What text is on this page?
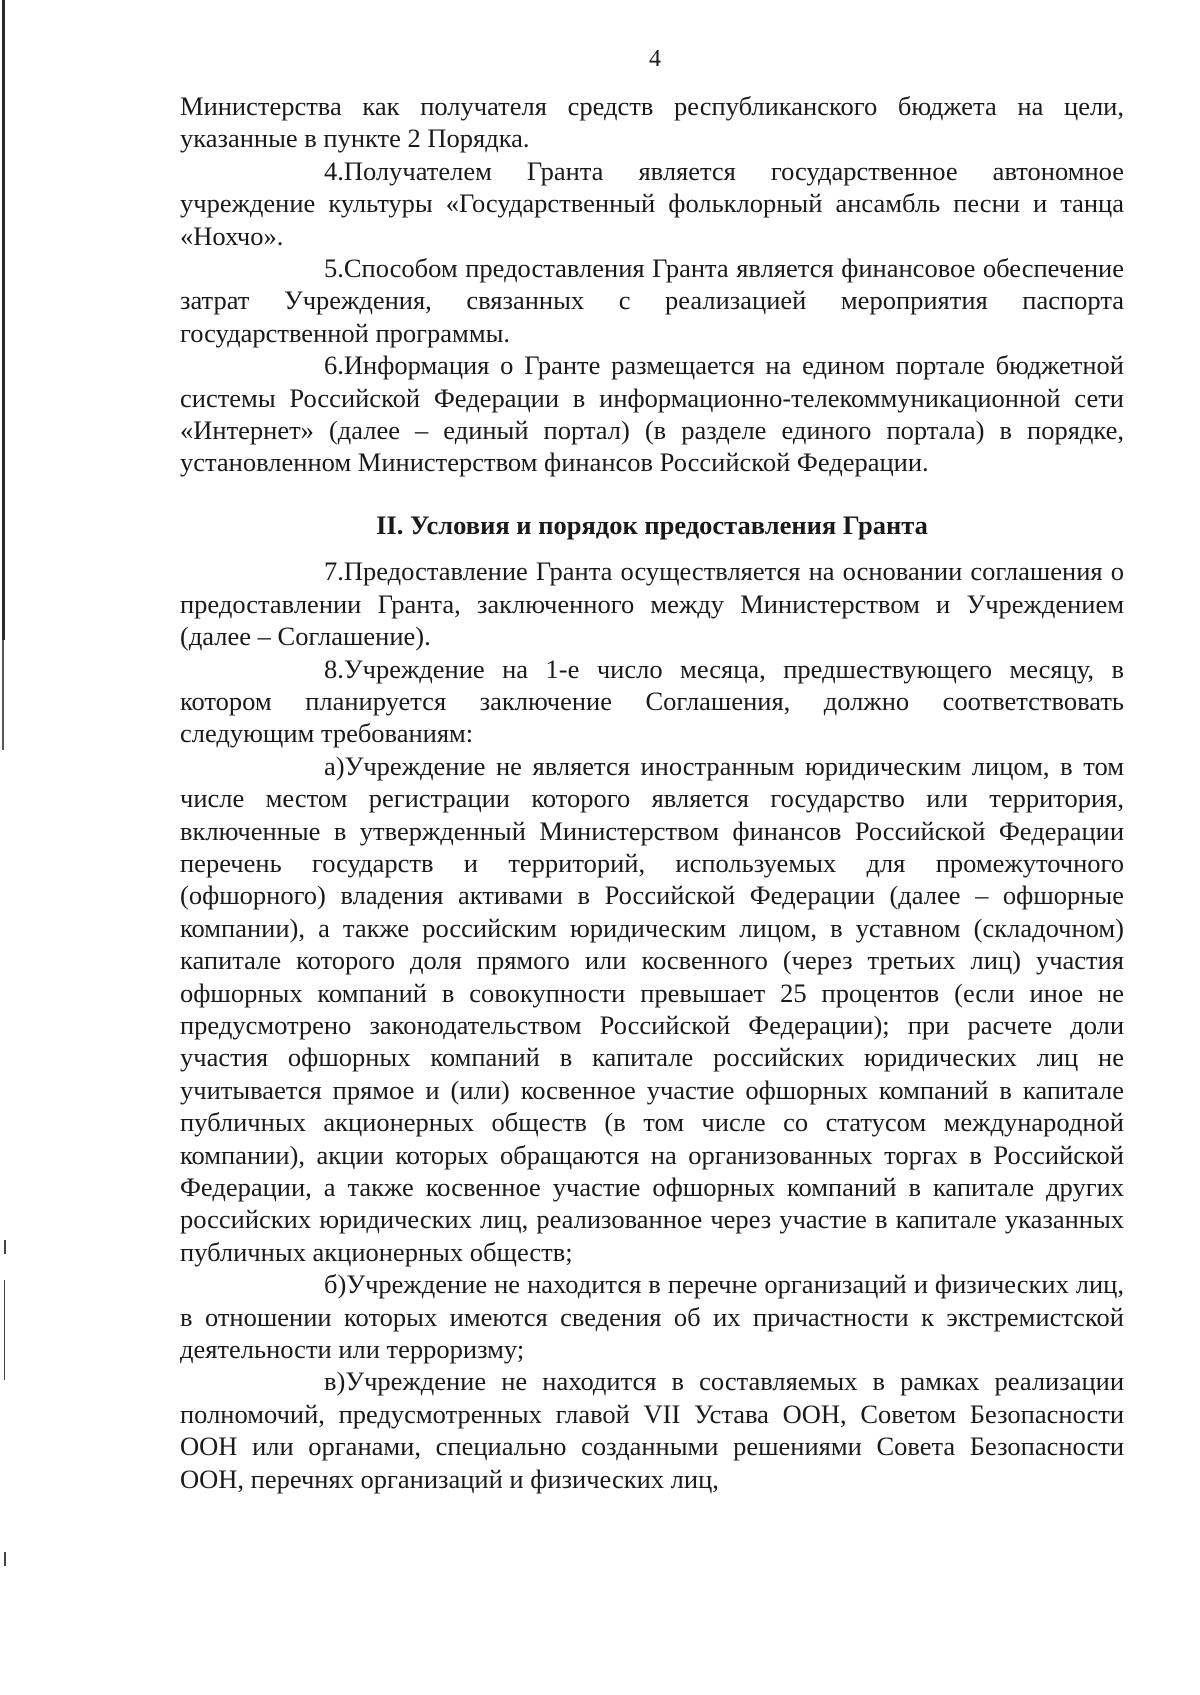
4

Министерства как получателя средств республиканского бюджета на цели, указанные в пункте 2 Порядка.

4.Получателем Гранта является государственное автономное учреждение культуры «Государственный фольклорный ансамбль песни и танца «Нохчо».

5.Способом предоставления Гранта является финансовое обеспечение затрат Учреждения, связанных с реализацией мероприятия паспорта государственной программы.

6.Информация о Гранте размещается на едином портале бюджетной системы Российской Федерации в информационно-телекоммуникационной сети «Интернет» (далее – единый портал) (в разделе единого портала) в порядке, установленном Министерством финансов Российской Федерации.

II. Условия и порядок предоставления Гранта

7.Предоставление Гранта осуществляется на основании соглашения о предоставлении Гранта, заключенного между Министерством и Учреждением (далее – Соглашение).

8.Учреждение на 1-е число месяца, предшествующего месяцу, в котором планируется заключение Соглашения, должно соответствовать следующим требованиям:

а)Учреждение не является иностранным юридическим лицом, в том числе местом регистрации которого является государство или территория, включенные в утвержденный Министерством финансов Российской Федерации перечень государств и территорий, используемых для промежуточного (офшорного) владения активами в Российской Федерации (далее – офшорные компании), а также российским юридическим лицом, в уставном (складочном) капитале которого доля прямого или косвенного (через третьих лиц) участия офшорных компаний в совокупности превышает 25 процентов (если иное не предусмотрено законодательством Российской Федерации); при расчете доли участия офшорных компаний в капитале российских юридических лиц не учитывается прямое и (или) косвенное участие офшорных компаний в капитале публичных акционерных обществ (в том числе со статусом международной компании), акции которых обращаются на организованных торгах в Российской Федерации, а также косвенное участие офшорных компаний в капитале других российских юридических лиц, реализованное через участие в капитале указанных публичных акционерных обществ;

б)Учреждение не находится в перечне организаций и физических лиц, в отношении которых имеются сведения об их причастности к экстремистской деятельности или терроризму;

в)Учреждение не находится в составляемых в рамках реализации полномочий, предусмотренных главой VII Устава ООН, Советом Безопасности ООН или органами, специально созданными решениями Совета Безопасности ООН, перечнях организаций и физических лиц,
